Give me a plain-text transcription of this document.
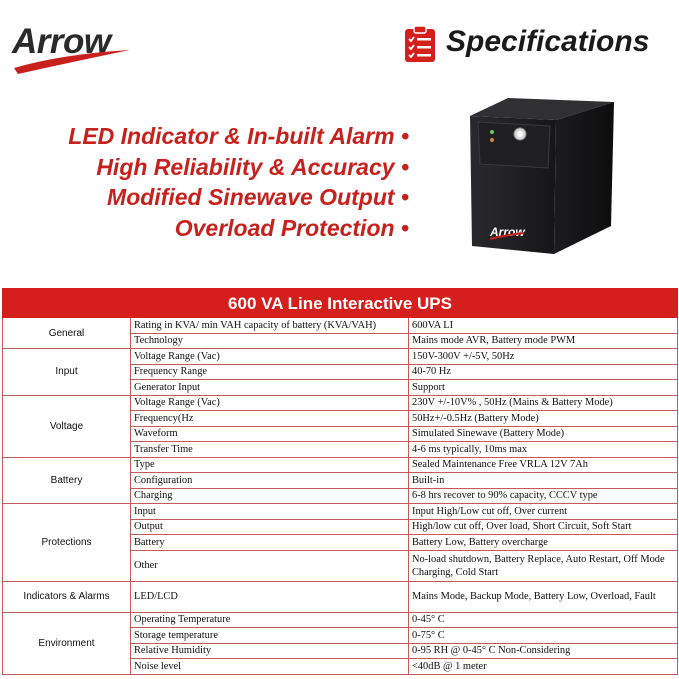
Arrow	Specifications
LED Indicator & In-built Alarm •
High Reliability & Accuracy •
Modified Sinewave Output •
Overload Protection •	Arrow
600 VA Line Interactive UPS		
General	Rating in KVA/ min VAH capacity of battery (KVA/VAH)	600VA LI
	Technology	Mains mode AVR, Battery mode PWM
Input	Voltage Range (Vac)	150V-300V +/-5V, 50Hz
	Frequency Range	40-70 Hz
	Generator Input	Support
Voltage	Voltage Range (Vac)	230V +/-10V% , 50Hz (Mains & Battery Mode)
	Frequency(Hz	50Hz+/-0.5Hz (Battery Mode)
	Waveform	Simulated Sinewave (Battery Mode)
	Transfer Time	4-6 ms typically, 10ms max
Battery	Type	Sealed Maintenance Free VRLA 12V 7Ah
	Configuration	Built-in
	Charging	6-8 hrs recover to 90% capacity, CCCV type
Protections	Input	Input High/Low cut off, Over current
	Output	High/low cut off, Over load, Short Circuit, Soft Start
	Battery	Battery Low, Battery overcharge
	Other	No-load shutdown, Battery Replace, Auto Restart, Off Mode Charging, Cold Start
Indicators & Alarms	LED/LCD	Mains Mode, Backup Mode, Battery Low, Overload, Fault
Environment	Operating Temperature	0-45° C
	Storage temperature	0-75° C
	Relative Humidity	0-95 RH @ 0-45° C Non-Considering
	Noise level	<40dB @ 1 meter
